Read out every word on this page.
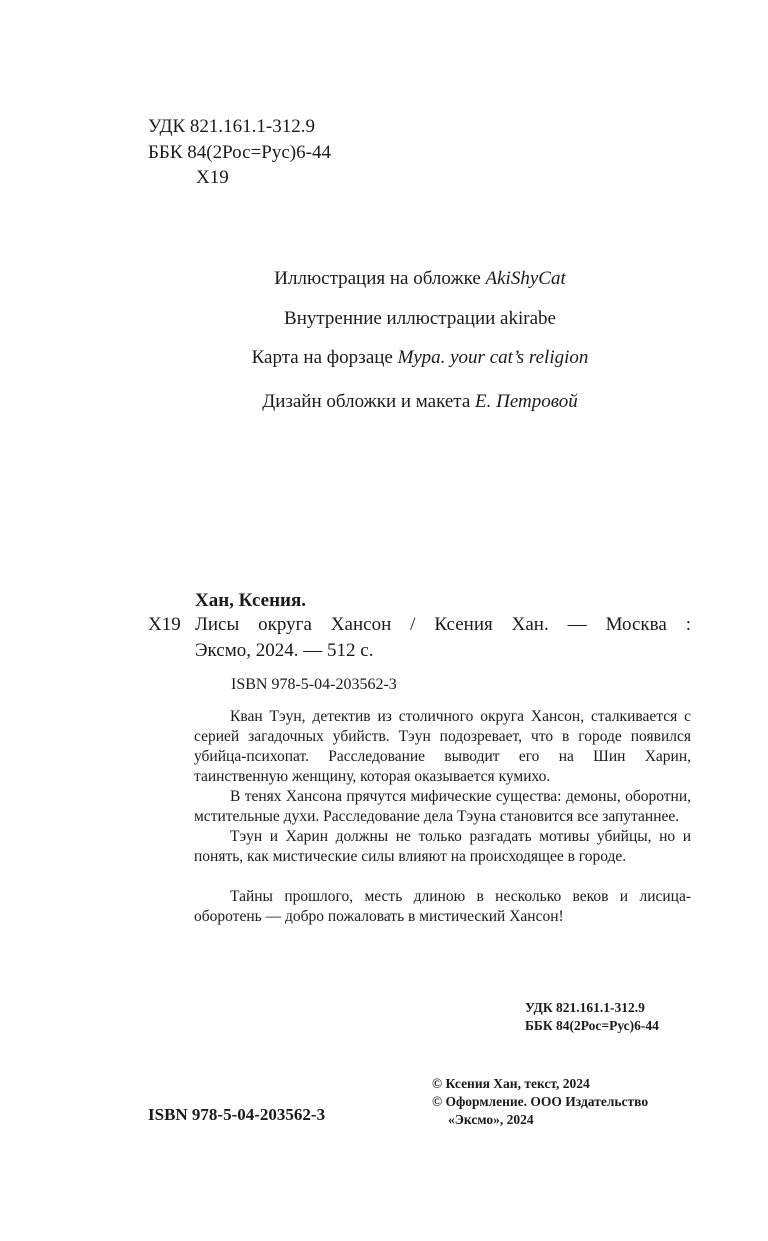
УДК 821.161.1-312.9
ББК 84(2Рос=Рус)6-44
Х19
Иллюстрация на обложке AkiShyCat
Внутренние иллюстрации akirabe
Карта на форзаце Мура. your cat’s religion
Дизайн обложки и макета Е. Петровой
Хан, Ксения.
Х19 Лисы округа Хансон / Ксения Хан. — Москва :
Эксмо, 2024. — 512 с.
ISBN 978-5-04-203562-3

Кван Тэун, детектив из столичного округа Хансон, сталкивается с серией загадочных убийств. Тэун подозревает, что в городе появился убийца-психопат. Расследование выводит его на Шин Харин, таинственную женщину, которая оказывается кумихо.

В тенях Хансона прячутся мифические существа: демоны, оборотни, мстительные духи. Расследование дела Тэуна становится все запутаннее.

Тэун и Харин должны не только разгадать мотивы убийцы, но и понять, как мистические силы влияют на происходящее в городе.

Тайны прошлого, месть длиною в несколько веков и лисица-оборотень — добро пожаловать в мистический Хансон!

УДК 821.161.1-312.9
ББК 84(2Рос=Рус)6-44
© Ксения Хан, текст, 2024
© Оформление. ООО Издательство
«Эксмо», 2024
ISBN 978-5-04-203562-3
